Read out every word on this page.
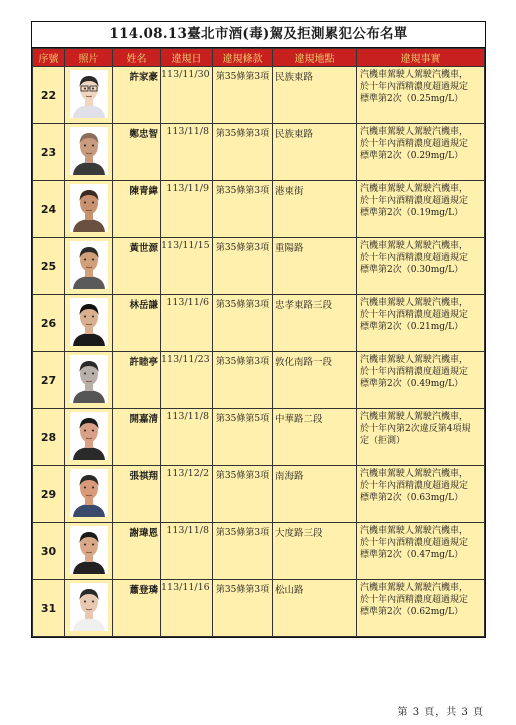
114.08.13臺北市酒(毒)駕及拒測累犯公布名單
序號	照片	姓名	違規日	違規條款	違規地點	違規事實
22		許家豪	113/11/30	第35條第3項	民族東路	汽機車駕駛人駕駛汽機車，
於十年內酒精濃度超過規定
標準第2次（0.25mg/L）

23		鄭忠智	113/11/8	第35條第3項	民族東路	汽機車駕駛人駕駛汽機車，
於十年內酒精濃度超過規定
標準第2次（0.29mg/L）

24		陳青緯	113/11/9	第35條第3項	港東街	汽機車駕駛人駕駛汽機車，
於十年內酒精濃度超過規定
標準第2次（0.19mg/L）

25		黃世源	113/11/15	第35條第3項	重陽路	汽機車駕駛人駕駛汽機車，
於十年內酒精濃度超過規定
標準第2次（0.30mg/L）

26		林岳謙	113/11/6	第35條第3項	忠孝東路三段	汽機車駕駛人駕駛汽機車，
於十年內酒精濃度超過規定
標準第2次（0.21mg/L）

27		許睦亭	113/11/23	第35條第3項	敦化南路一段	汽機車駕駛人駕駛汽機車，
於十年內酒精濃度超過規定
標準第2次（0.49mg/L）

28		開嘉清	113/11/8	第35條第5項	中華路二段	汽機車駕駛人駕駛汽機車，
於十年內第2次違反第4項規
定（拒測）

29		張祺翔	113/12/2	第35條第3項	南海路	汽機車駕駛人駕駛汽機車，
於十年內酒精濃度超過規定
標準第2次（0.63mg/L）

30		謝瑋恩	113/11/8	第35條第3項	大度路三段	汽機車駕駛人駕駛汽機車，
於十年內酒精濃度超過規定
標準第2次（0.47mg/L）

31		蕭登璘	113/11/16	第35條第3項	松山路	汽機車駕駛人駕駛汽機車，
於十年內酒精濃度超過規定
標準第2次（0.62mg/L）
第 3 頁，共 3 頁
